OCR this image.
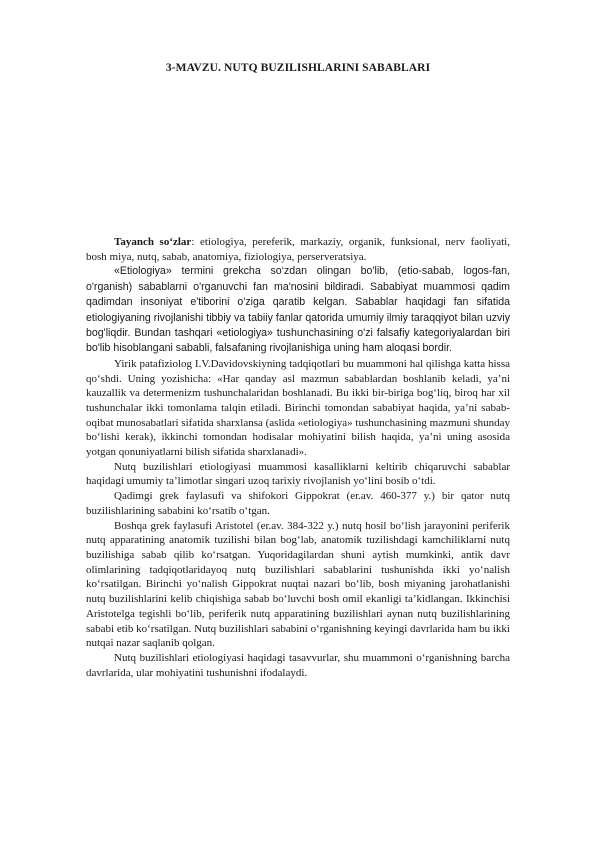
3-MAVZU. NUTQ BUZILISHLARINI SABABLARI

Tayanch so‘zlar: etiologiya, pereferik, markaziy, organik, funksional, nerv faoliyati, bosh miya, nutq, sabab, anatomiya, fiziologiya, perserveratsiya.

«Etiologiya» termini grekcha so‘zdan olingan bo'lib, (etio-sabab, logos-fan, o'rganish) sabablarni o'rganuvchi fan ma'nosini bildiradi. Sababiyat muammosi qadim qadimdan insoniyat e'tiborini o'ziga qaratib kelgan. Sabablar haqidagi fan sifatida etiologiyaning rivojlanishi tibbiy va tabiiy fanlar qatorida umumiy ilmiy taraqqiyot bilan uzviy bog'liqdir. Bundan tashqari «etiologiya» tushunchasining o'zi falsafiy kategoriyalardan biri bo'lib hisoblangani sababli, falsafaning rivojlanishiga uning ham aloqasi bordir.

Yirik patafiziolog I.V.Davidovskiyning tadqiqotlari bu muammoni hal qilishga katta hissa qo‘shdi. Uning yozishicha: «Har qanday asl mazmun sabablardan boshlanib keladi, ya’ni kauzallik va determenizm tushunchalaridan boshlanadi. Bu ikki bir-biriga bog‘liq, biroq har xil tushunchalar ikki tomonlama talqin etiladi. Birinchi tomondan sababiyat haqida, ya’ni sabab-oqibat munosabatlari sifatida sharxlansa (aslida «etiologiya» tushunchasining mazmuni shunday bo‘lishi kerak), ikkinchi tomondan hodisalar mohiyatini bilish haqida, ya’ni uning asosida yotgan qonuniyatlarni bilish sifatida sharxlanadi».

Nutq buzilishlari etiologiyasi muammosi kasalliklarni keltirib chiqaruvchi sabablar haqidagi umumiy ta’limotlar singari uzoq tarixiy rivojlanish yo‘lini bosib o‘tdi.

Qadimgi grek faylasufi va shifokori Gippokrat (er.av. 460-377 y.) bir qator nutq buzilishlarining sababini ko‘rsatib o‘tgan.

Boshqa grek faylasufi Aristotel (er.av. 384-322 y.) nutq hosil bo‘lish jarayonini periferik nutq apparatining anatomik tuzilishi bilan bog‘lab, anatomik tuzilishdagi kamchiliklarni nutq buzilishiga sabab qilib ko‘rsatgan. Yuqoridagilardan shuni aytish mumkinki, antik davr olimlarining tadqiqotlaridayoq nutq buzilishlari sabablarini tushunishda ikki yo‘nalish ko‘rsatilgan. Birinchi yo‘nalish Gippokrat nuqtai nazari bo‘lib, bosh miyaning jarohatlanishi nutq buzilishlarini kelib chiqishiga sabab bo‘luvchi bosh omil ekanligi ta’kidlangan. Ikkinchisi Aristotelga tegishli bo‘lib, periferik nutq apparatining buzilishlari aynan nutq buzilishlarining sababi etib ko‘rsatilgan. Nutq buzilishlari sababini o‘rganishning keyingi davrlarida ham bu ikki nutqai nazar saqlanib qolgan.

Nutq buzilishlari etiologiyasi haqidagi tasavvurlar, shu muammoni o‘rganishning barcha davrlarida, ular mohiyatini tushunishni ifodalaydi.
